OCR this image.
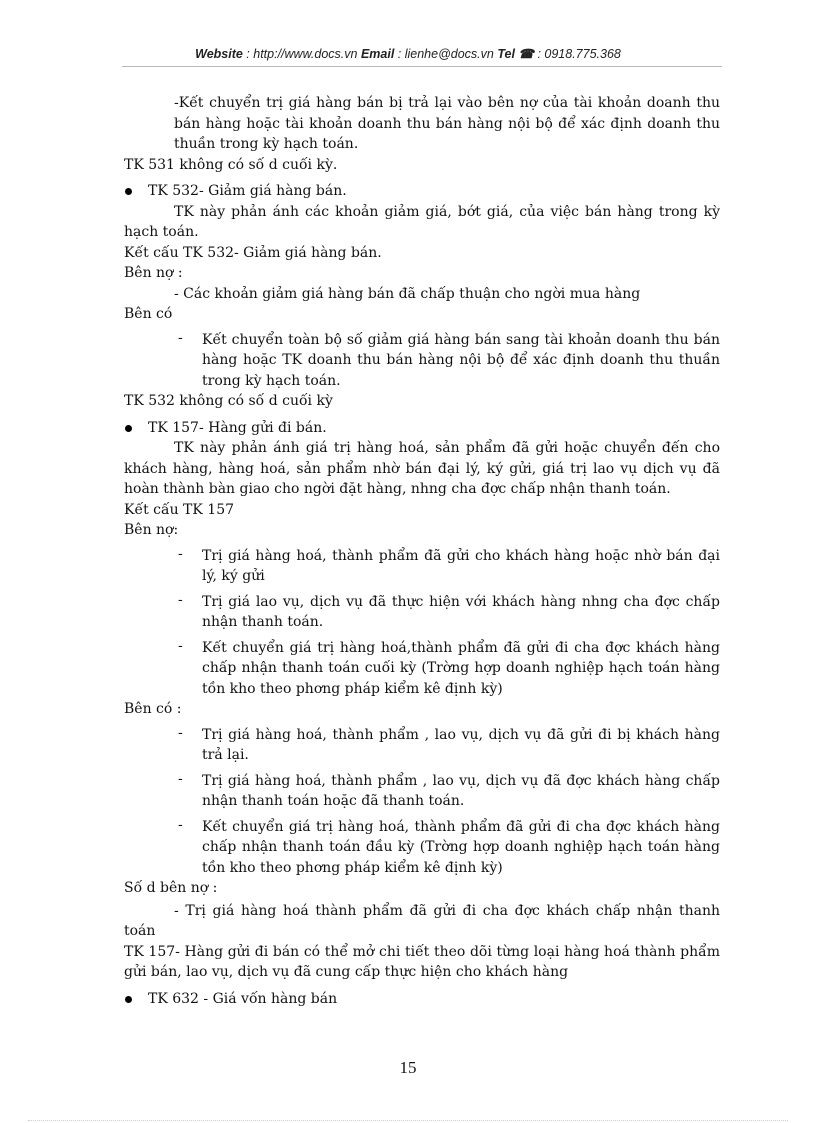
Website : http://www.docs.vn Email : lienhe@docs.vn Tel ☎ : 0918.775.368

-Kết chuyển trị giá hàng bán bị trả lại vào bên nợ của tài khoản doanh thu bán hàng hoặc tài khoản doanh thu bán hàng nội bộ để xác định doanh thu thuần trong kỳ hạch toán.

TK 531 không có số d cuối kỳ.

TK 532- Giảm giá hàng bán.

TK này phản ánh các khoản giảm giá, bớt giá, của việc bán hàng trong kỳ hạch toán.

Kết cấu TK 532- Giảm giá hàng bán.

Bên nợ :

- Các khoản giảm giá hàng bán đã chấp thuận cho ngời mua hàng

Bên có

- Kết chuyển toàn bộ số giảm giá hàng bán sang tài khoản doanh thu bán hàng hoặc TK doanh thu bán hàng nội bộ để xác định doanh thu thuần trong kỳ hạch toán.

TK 532 không có số d cuối kỳ

TK 157- Hàng gửi đi bán.

TK này phản ánh giá trị hàng hoá, sản phẩm đã gửi hoặc chuyển đến cho khách hàng, hàng hoá, sản phẩm nhờ bán đại lý, ký gửi, giá trị lao vụ dịch vụ đã hoàn thành bàn giao cho ngời đặt hàng, nhng cha đợc chấp nhận thanh toán.

Kết cấu TK 157

Bên nợ:

- Trị giá hàng hoá, thành phẩm đã gửi cho khách hàng hoặc nhờ bán đại lý, ký gửi
- Trị giá lao vụ, dịch vụ đã thực hiện với khách hàng nhng cha đợc chấp nhận thanh toán.
- Kết chuyển giá trị hàng hoá,thành phẩm đã gửi đi cha đợc khách hàng chấp nhận thanh toán cuối kỳ (Trờng hợp doanh nghiệp hạch toán hàng tồn kho theo phơng pháp kiểm kê định kỳ)

Bên có :

- Trị giá hàng hoá, thành phẩm , lao vụ, dịch vụ đã gửi đi bị khách hàng trả lại.
- Trị giá hàng hoá, thành phẩm , lao vụ, dịch vụ đã đợc khách hàng chấp nhận thanh toán hoặc đã thanh toán.
- Kết chuyển giá trị hàng hoá, thành phẩm đã gửi đi cha đợc khách hàng chấp nhận thanh toán đầu kỳ (Trờng hợp doanh nghiệp hạch toán hàng tồn kho theo phơng pháp kiểm kê định kỳ)

Số d bên nợ :

- Trị giá hàng hoá thành phẩm đã gửi đi cha đợc khách chấp nhận thanh toán

TK 157- Hàng gửi đi bán có thể mở chi tiết theo dõi từng loại hàng hoá thành phẩm gửi bán, lao vụ, dịch vụ đã cung cấp thực hiện cho khách hàng

TK 632 - Giá vốn hàng bán
15
